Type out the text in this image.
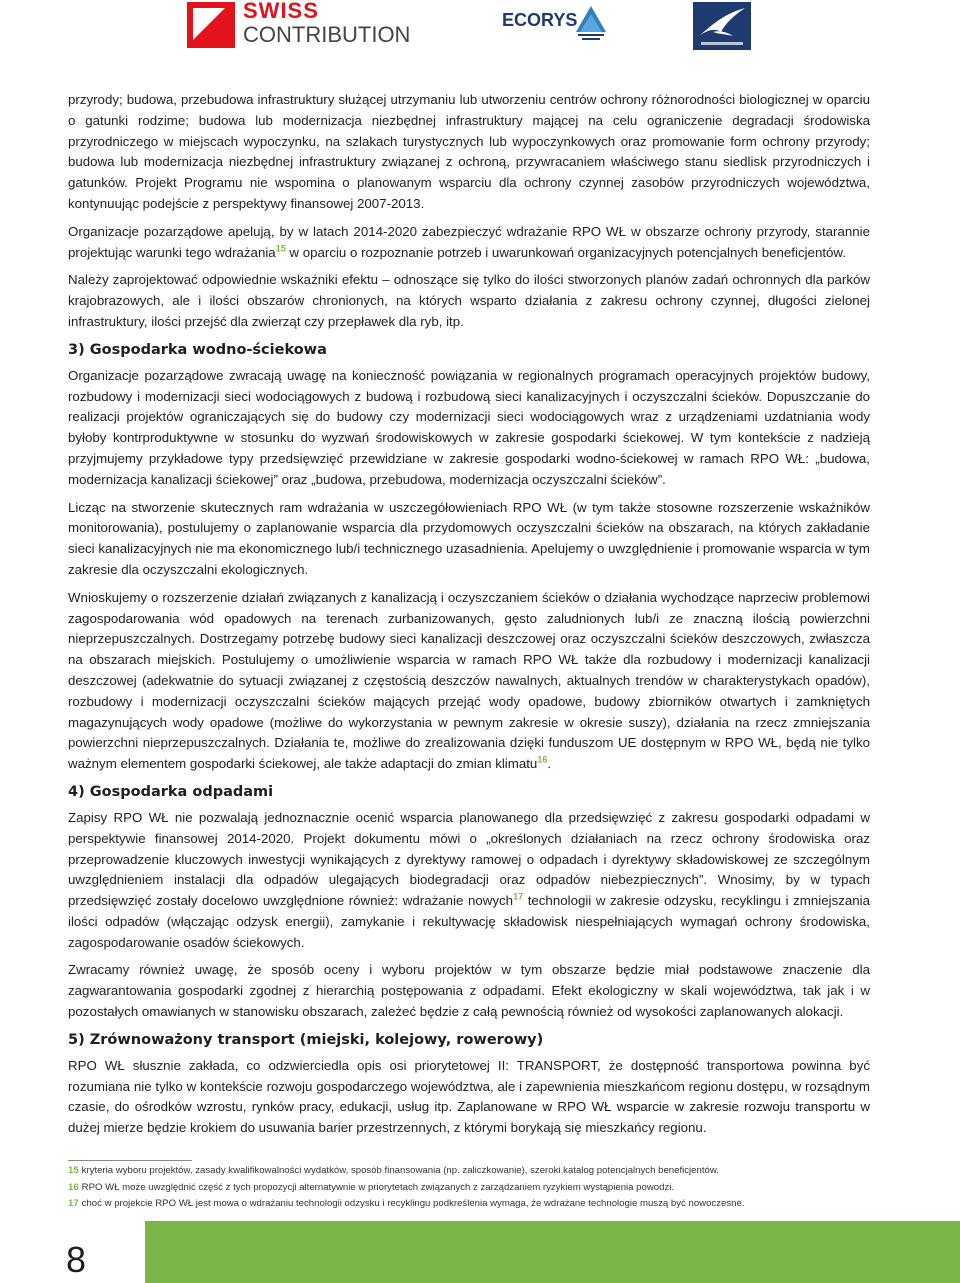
SWISS
CONTRIBUTION
ECORYS

przyrody; budowa, przebudowa infrastruktury służącej utrzymaniu lub utworzeniu centrów ochrony różnorodności biologicznej w oparciu o gatunki rodzime; budowa lub modernizacja niezbędnej infrastruktury mającej na celu ograniczenie degradacji środowiska przyrodniczego w miejscach wypoczynku, na szlakach turystycznych lub wypoczynkowych oraz promowanie form ochrony przyrody; budowa lub modernizacja niezbędnej infrastruktury związanej z ochroną, przywracaniem właściwego stanu siedlisk przyrodniczych i gatunków. Projekt Programu nie wspomina o planowanym wsparciu dla ochrony czynnej zasobów przyrodniczych województwa, kontynuując podejście z perspektywy finansowej 2007-2013.

Organizacje pozarządowe apelują, by w latach 2014-2020 zabezpieczyć wdrażanie RPO WŁ w obszarze ochrony przyrody, starannie projektując warunki tego wdrażania$^{15}$ w oparciu o rozpoznanie potrzeb i uwarunkowań organizacyjnych potencjalnych beneficjentów.

Należy zaprojektować odpowiednie wskaźniki efektu – odnoszące się tylko do ilości stworzonych planów zadań ochronnych dla parków krajobrazowych, ale i ilości obszarów chronionych, na których wsparto działania z zakresu ochrony czynnej, długości zielonej infrastruktury, ilości przejść dla zwierząt czy przepławek dla ryb, itp.

3) Gospodarka wodno-ściekowa

Organizacje pozarządowe zwracają uwagę na konieczność powiązania w regionalnych programach operacyjnych projektów budowy, rozbudowy i modernizacji sieci wodociągowych z budową i rozbudową sieci kanalizacyjnych i oczyszczalni ścieków. Dopuszczanie do realizacji projektów ograniczających się do budowy czy modernizacji sieci wodociągowych wraz z urządzeniami uzdatniania wody byłoby kontrproduktywne w stosunku do wyzwań środowiskowych w zakresie gospodarki ściekowej. W tym kontekście z nadzieją przyjmujemy przykładowe typy przedsięwzięć przewidziane w zakresie gospodarki wodno-ściekowej w ramach RPO WŁ: „budowa, modernizacja kanalizacji ściekowej” oraz „budowa, przebudowa, modernizacja oczyszczalni ścieków”.

Licząc na stworzenie skutecznych ram wdrażania w uszczegółowieniach RPO WŁ (w tym także stosowne rozszerzenie wskaźników monitorowania), postulujemy o zaplanowanie wsparcia dla przydomowych oczyszczalni ścieków na obszarach, na których zakładanie sieci kanalizacyjnych nie ma ekonomicznego lub/i technicznego uzasadnienia. Apelujemy o uwzględnienie i promowanie wsparcia w tym zakresie dla oczyszczalni ekologicznych.

Wnioskujemy o rozszerzenie działań związanych z kanalizacją i oczyszczaniem ścieków o działania wychodzące naprzeciw problemowi zagospodarowania wód opadowych na terenach zurbanizowanych, gęsto zaludnionych lub/i ze znaczną ilością powierzchni nieprzepuszczalnych. Dostrzegamy potrzebę budowy sieci kanalizacji deszczowej oraz oczyszczalni ścieków deszczowych, zwłaszcza na obszarach miejskich. Postulujemy o umożliwienie wsparcia w ramach RPO WŁ także dla rozbudowy i modernizacji kanalizacji deszczowej (adekwatnie do sytuacji związanej z częstością deszczów nawalnych, aktualnych trendów w charakterystykach opadów), rozbudowy i modernizacji oczyszczalni ścieków mających przejąć wody opadowe, budowy zbiorników otwartych i zamkniętych magazynujących wody opadowe (możliwe do wykorzystania w pewnym zakresie w okresie suszy), działania na rzecz zmniejszania powierzchni nieprzepuszczalnych. Działania te, możliwe do zrealizowania dzięki funduszom UE dostępnym w RPO WŁ, będą nie tylko ważnym elementem gospodarki ściekowej, ale także adaptacji do zmian klimatu$^{16}$.

4) Gospodarka odpadami

Zapisy RPO WŁ nie pozwalają jednoznacznie ocenić wsparcia planowanego dla przedsięwzięć z zakresu gospodarki odpadami w perspektywie finansowej 2014-2020. Projekt dokumentu mówi o „określonych działaniach na rzecz ochrony środowiska oraz przeprowadzenie kluczowych inwestycji wynikających z dyrektywy ramowej o odpadach i dyrektywy składowiskowej ze szczególnym uwzględnieniem instalacji dla odpadów ulegających biodegradacji oraz odpadów niebezpiecznych”. Wnosimy, by w typach przedsięwzięć zostały docelowo uwzględnione również: wdrażanie nowych$^{17}$ technologii w zakresie odzysku, recyklingu i zmniejszania ilości odpadów (włączając odzysk energii), zamykanie i rekultywację składowisk niespełniających wymagań ochrony środowiska, zagospodarowanie osadów ściekowych.

Zwracamy również uwagę, że sposób oceny i wyboru projektów w tym obszarze będzie miał podstawowe znaczenie dla zagwarantowania gospodarki zgodnej z hierarchią postępowania z odpadami. Efekt ekologiczny w skali województwa, tak jak i w pozostałych omawianych w stanowisku obszarach, zależeć będzie z całą pewnością również od wysokości zaplanowanych alokacji.

5) Zrównoważony transport (miejski, kolejowy, rowerowy)

RPO WŁ słusznie zakłada, co odzwierciedla opis osi priorytetowej II: TRANSPORT, że dostępność transportowa powinna być rozumiana nie tylko w kontekście rozwoju gospodarczego województwa, ale i zapewnienia mieszkańcom regionu dostępu, w rozsądnym czasie, do ośrodków wzrostu, rynków pracy, edukacji, usług itp. Zaplanowane w RPO WŁ wsparcie w zakresie rozwoju transportu w dużej mierze będzie krokiem do usuwania barier przestrzennych, z którymi borykają się mieszkańcy regionu.

15 kryteria wyboru projektów, zasady kwalifikowalności wydatków, sposób finansowania (np. zaliczkowanie), szeroki katalog potencjalnych beneficjentów.
16 RPO WŁ może uwzględnić część z tych propozycji alternatywnie w priorytetach związanych z zarządzaniem ryzykiem wystąpienia powodzi.
17 choć w projekcie RPO WŁ jest mowa o wdrażaniu technologii odzysku i recyklingu podkreślenia wymaga, że wdrażane technologie muszą być nowoczesne.
8
